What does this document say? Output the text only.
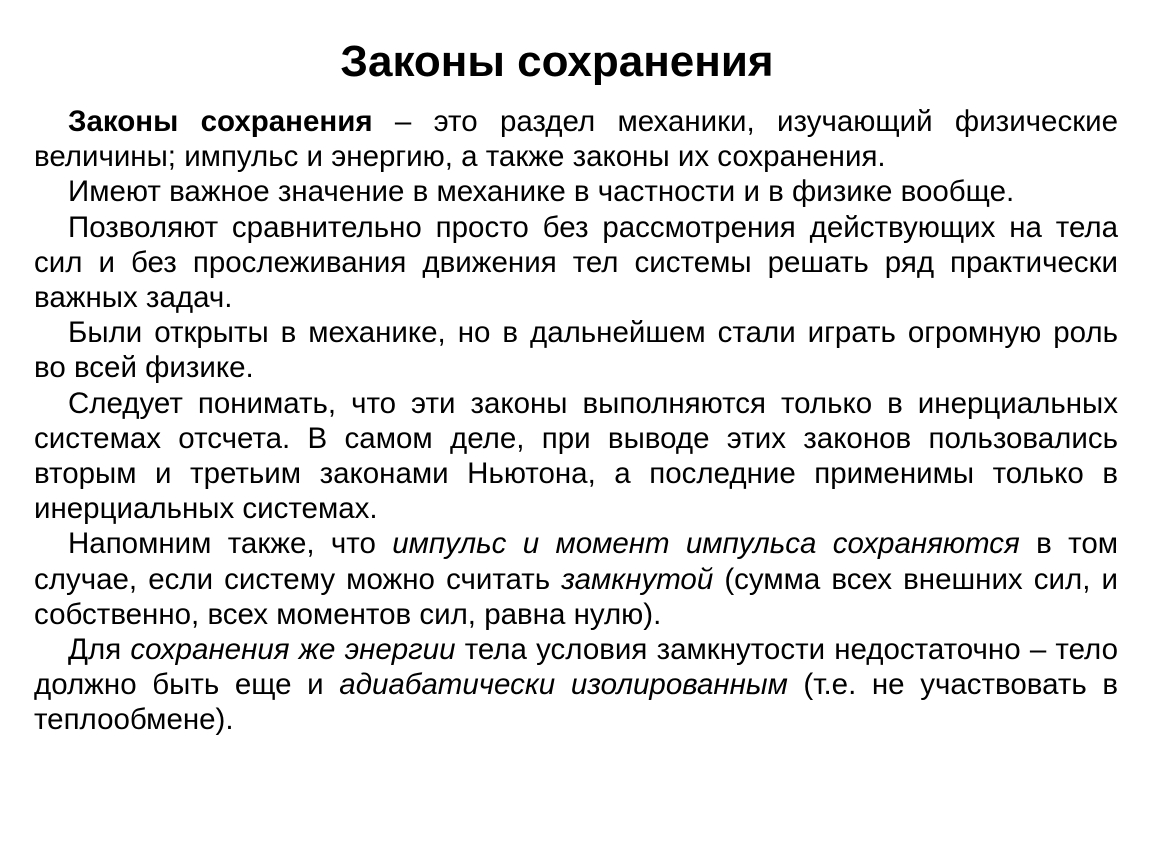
Законы сохранения

Законы сохранения – это раздел механики, изучающий физические величины; импульс и энергию, а также законы их сохранения.

Имеют важное значение в механике в частности и в физике вообще.

Позволяют сравнительно просто без рассмотрения действующих на тела сил и без прослеживания движения тел системы решать ряд практически важных задач.

Были открыты в механике, но в дальнейшем стали играть огромную роль во всей физике.

Следует понимать, что эти законы выполняются только в инерциальных системах отсчета. В самом деле, при выводе этих законов пользовались вторым и третьим законами Ньютона, а последние применимы только в инерциальных системах.

Напомним также, что импульс и момент импульса сохраняются в том случае, если систему можно считать замкнутой (сумма всех внешних сил, и собственно, всех моментов сил, равна нулю).

Для сохранения же энергии тела условия замкнутости недостаточно – тело должно быть еще и адиабатически изолированным (т.е. не участвовать в теплообмене).
